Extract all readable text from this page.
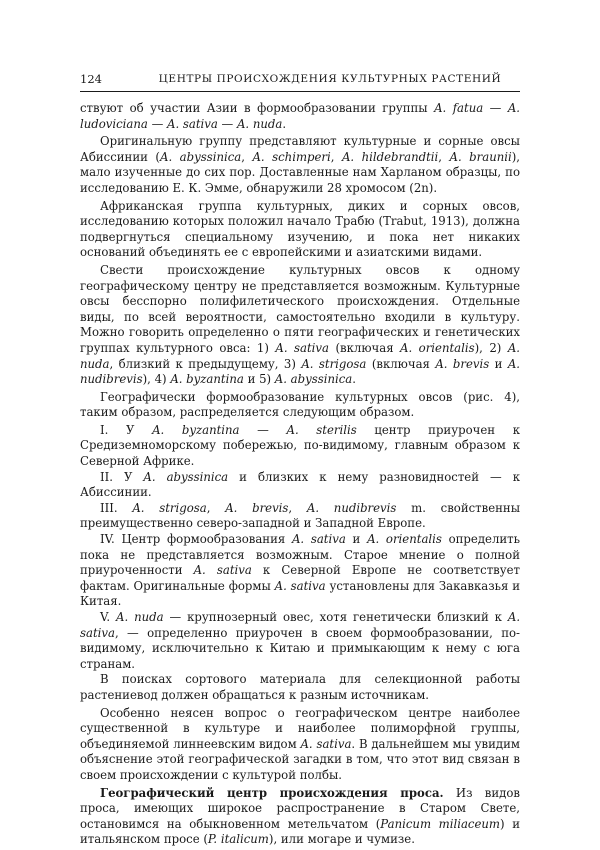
124	ЦЕНТРЫ ПРОИСХОЖДЕНИЯ КУЛЬТУРНЫХ РАСТЕНИЙ

ствуют об участии Азии в формообразовании группы A. fatua — A. ludoviciana — A. sativa — A. nuda.

Оригинальную группу представляют культурные и сорные овсы Абиссинии (A. abyssinica, A. schimperi, A. hildebrandtii, A. braunii), мало изученные до сих пор. Доставленные нам Харланом образцы, по исследованию Е. К. Эмме, обнаружили 28 хромосом (2n).

Африканская группа культурных, диких и сорных овсов, исследованию которых положил начало Трабю (Trabut, 1913), должна подвергнуться специальному изучению, и пока нет никаких оснований объединять ее с европейскими и азиатскими видами.

Свести происхождение культурных овсов к одному географическому центру не представляется возможным. Культурные овсы бесспорно полифилетического происхождения. Отдельные виды, по всей вероятности, самостоятельно входили в культуру. Можно говорить определенно о пяти географических и генетических группах культурного овса: 1) A. sativa (включая A. orientalis), 2) A. nuda, близкий к предыдущему, 3) A. strigosa (включая A. brevis и A. nudibrevis), 4) A. byzantina и 5) A. abyssinica.

Географически формообразование культурных овсов (рис. 4), таким образом, распределяется следующим образом.

I. У A. byzantina — A. sterilis центр приурочен к Средиземноморскому побережью, по-видимому, главным образом к Северной Африке.

II. У A. abyssinica и близких к нему разновидностей — к Абиссинии.

III. A. strigosa, A. brevis, A. nudibrevis m. свойственны преимущественно северо-западной и Западной Европе.

IV. Центр формообразования A. sativa и A. orientalis определить пока не представляется возможным. Старое мнение о полной приуроченности A. sativa к Северной Европе не соответствует фактам. Оригинальные формы A. sativa установлены для Закавказья и Китая.

V. A. nuda — крупнозерный овес, хотя генетически близкий к A. sativa, — определенно приурочен в своем формообразовании, по-видимому, исключительно к Китаю и примыкающим к нему с юга странам.

В поисках сортового материала для селекционной работы растениевод должен обращаться к разным источникам.

Особенно неясен вопрос о географическом центре наиболее существенной в культуре и наиболее полиморфной группы, объединяемой линнеевским видом A. sativa. В дальнейшем мы увидим объяснение этой географической загадки в том, что этот вид связан в своем происхождении с культурой полбы.

Географический центр происхождения проса. Из видов проса, имеющих широкое распространение в Старом Свете, остановимся на обыкновенном метельчатом (Panicum miliaceum) и итальянском просе (P. italicum), или могаре и чумизе.
